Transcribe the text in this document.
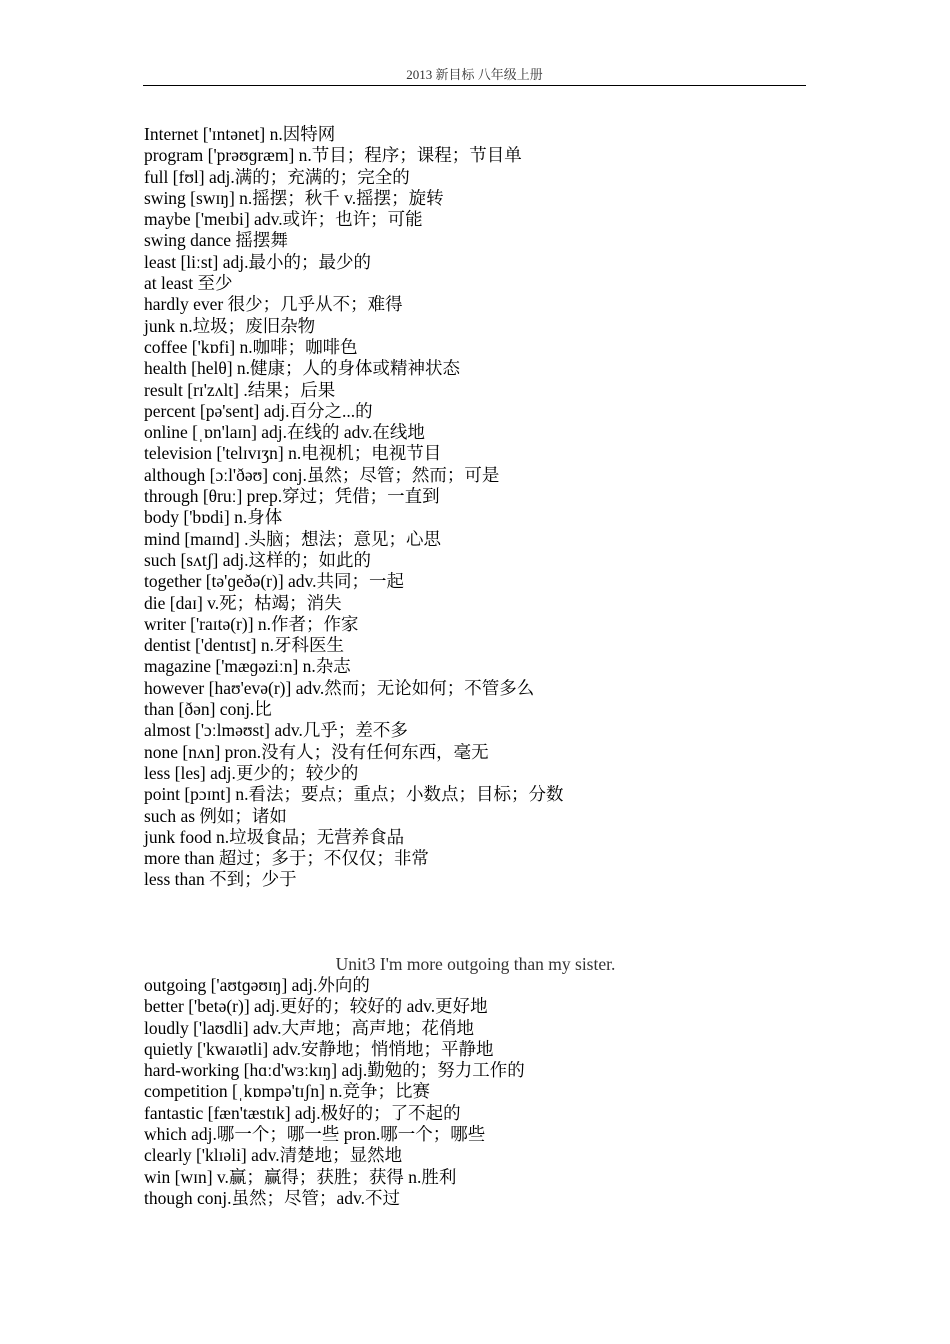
2013 新目标 八年级上册
Internet ['ɪntənet] n.因特网
program ['prəʊɡræm] n.节目；程序；课程；节目单
full [fʊl] adj.满的；充满的；完全的
swing [swɪŋ] n.摇摆；秋千 v.摇摆；旋转
maybe ['meɪbi] adv.或许；也许；可能
swing dance 摇摆舞
least [liːst] adj.最小的；最少的
at least 至少
hardly ever 很少；几乎从不；难得
junk n.垃圾；废旧杂物
coffee ['kɒfi] n.咖啡；咖啡色
health [helθ] n.健康；人的身体或精神状态
result [rɪ'zʌlt] .结果；后果
percent [pə'sent] adj.百分之...的
online [ˌɒn'laɪn] adj.在线的 adv.在线地
television ['telɪvɪʒn] n.电视机；电视节目
although [ɔːl'ðəʊ] conj.虽然；尽管；然而；可是
through [θruː] prep.穿过；凭借；一直到
body ['bɒdi] n.身体
mind [maɪnd] .头脑；想法；意见；心思
such [sʌtʃ] adj.这样的；如此的
together [tə'ɡeðə(r)] adv.共同；一起
die [daɪ] v.死；枯竭；消失
writer ['raɪtə(r)] n.作者；作家
dentist ['dentɪst] n.牙科医生
magazine ['mæɡəziːn] n.杂志
however [haʊ'evə(r)] adv.然而；无论如何；不管多么
than [ðən] conj.比
almost ['ɔːlməʊst] adv.几乎；差不多
none [nʌn] pron.没有人；没有任何东西，毫无
less [les] adj.更少的；较少的
point [pɔɪnt] n.看法；要点；重点；小数点；目标；分数
such as 例如；诸如
junk food n.垃圾食品；无营养食品
more than 超过；多于；不仅仅；非常
less than 不到；少于
Unit3 I'm more outgoing than my sister.
outgoing ['aʊtɡəʊɪŋ] adj.外向的
better ['betə(r)] adj.更好的；较好的 adv.更好地
loudly ['laʊdli] adv.大声地；高声地；花俏地
quietly ['kwaɪətli] adv.安静地；悄悄地；平静地
hard-working [hɑːd'wɜːkɪŋ] adj.勤勉的；努力工作的
competition [ˌkɒmpə'tɪʃn] n.竞争；比赛
fantastic [fæn'tæstɪk] adj.极好的；了不起的
which adj.哪一个；哪一些 pron.哪一个；哪些
clearly ['klɪəli] adv.清楚地；显然地
win [wɪn] v.赢；赢得；获胜；获得 n.胜利
though conj.虽然；尽管；adv.不过
